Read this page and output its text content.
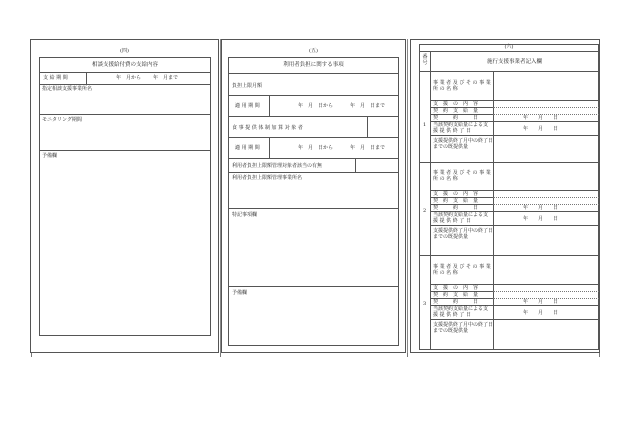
(四)
相談支援給付費の支給内容
支 給 期 間	年　月から 年　月まで
指定相談支援事業所名
モニタリング期間
予備欄
(五)
利用者負担に関する事項
負担上限月額
適 用 期 間	年　月　日から	年　月　日まで
食 事 提 供 体 制 加 算 対 象 者
適 用 期 間	年　月　日から	年　月　日まで
利用者負担上限額管理対象者該当の有無
利用者負担上限額管理事業所名
特記事項欄
予備欄
(六)
番号	施行支援事業者記入欄
1
事 業 者 及 び そ の 事 業 所 の 名 称
支　援　の　内　容
契　約　支　給　量
契　　　約　　　日	年　　月　　日
当該契約支給量による支 援 提 供 終 了 日	年　　月　　日
支援提供終了月中の終了日までの既提供量
2
事 業 者 及 び そ の 事 業 所 の 名 称
支　援　の　内　容
契　約　支　給　量
契　　　約　　　日	年　　月　　日
当該契約支給量による支 援 提 供 終 了 日	年　　月　　日
支援提供終了月中の終了日までの既提供量
3
事 業 者 及 び そ の 事 業 所 の 名 称
支　援　の　内　容
契　約　支　給　量
契　　　約　　　日	年　　月　　日
当該契約支給量による支 援 提 供 終 了 日	年　　月　　日
支援提供終了月中の終了日までの既提供量
